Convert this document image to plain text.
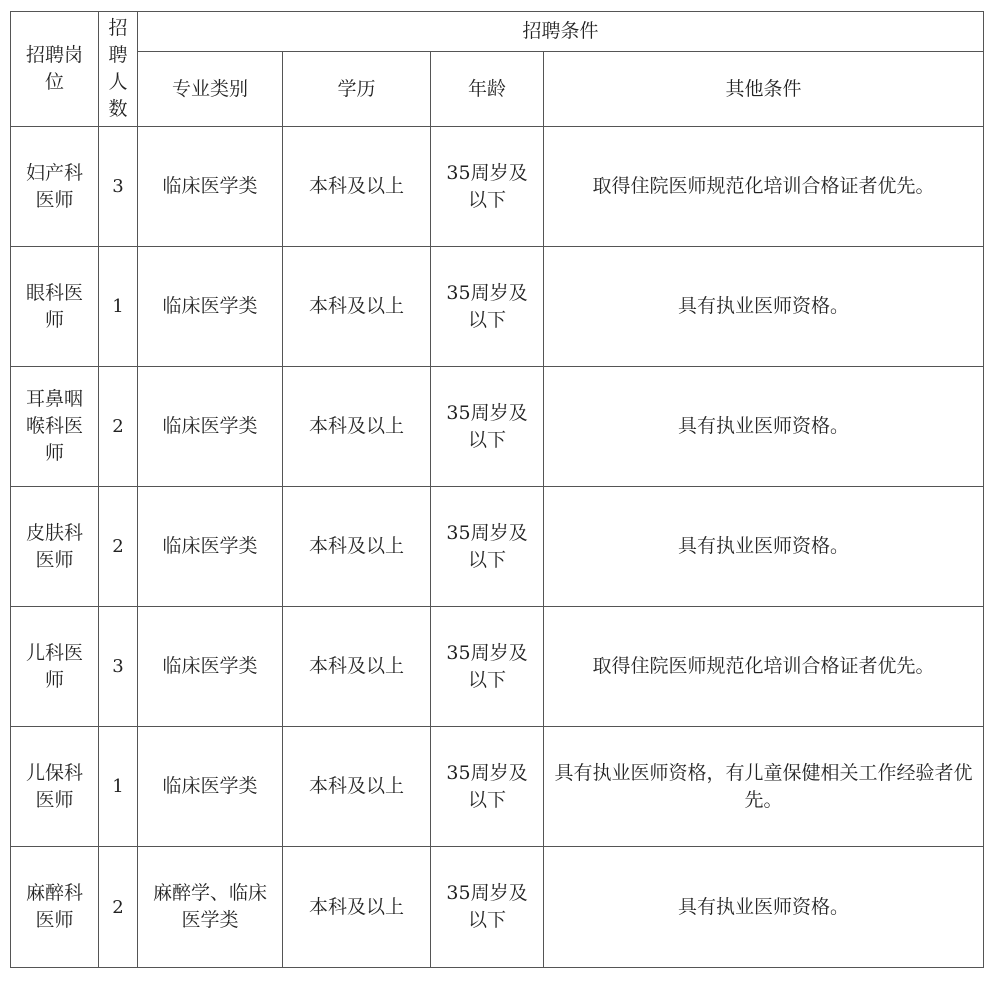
招聘岗位	招聘人数	招聘条件			
		专业类别	学历	年龄	其他条件
妇产科医师	3	临床医学类	本科及以上	35周岁及以下	取得住院医师规范化培训合格证者优先。
眼科医师	1	临床医学类	本科及以上	35周岁及以下	具有执业医师资格。
耳鼻咽喉科医师	2	临床医学类	本科及以上	35周岁及以下	具有执业医师资格。
皮肤科医师	2	临床医学类	本科及以上	35周岁及以下	具有执业医师资格。
儿科医师	3	临床医学类	本科及以上	35周岁及以下	取得住院医师规范化培训合格证者优先。
儿保科医师	1	临床医学类	本科及以上	35周岁及以下	具有执业医师资格，有儿童保健相关工作经验者优先。
麻醉科医师	2	麻醉学、临床医学类	本科及以上	35周岁及以下	具有执业医师资格。
